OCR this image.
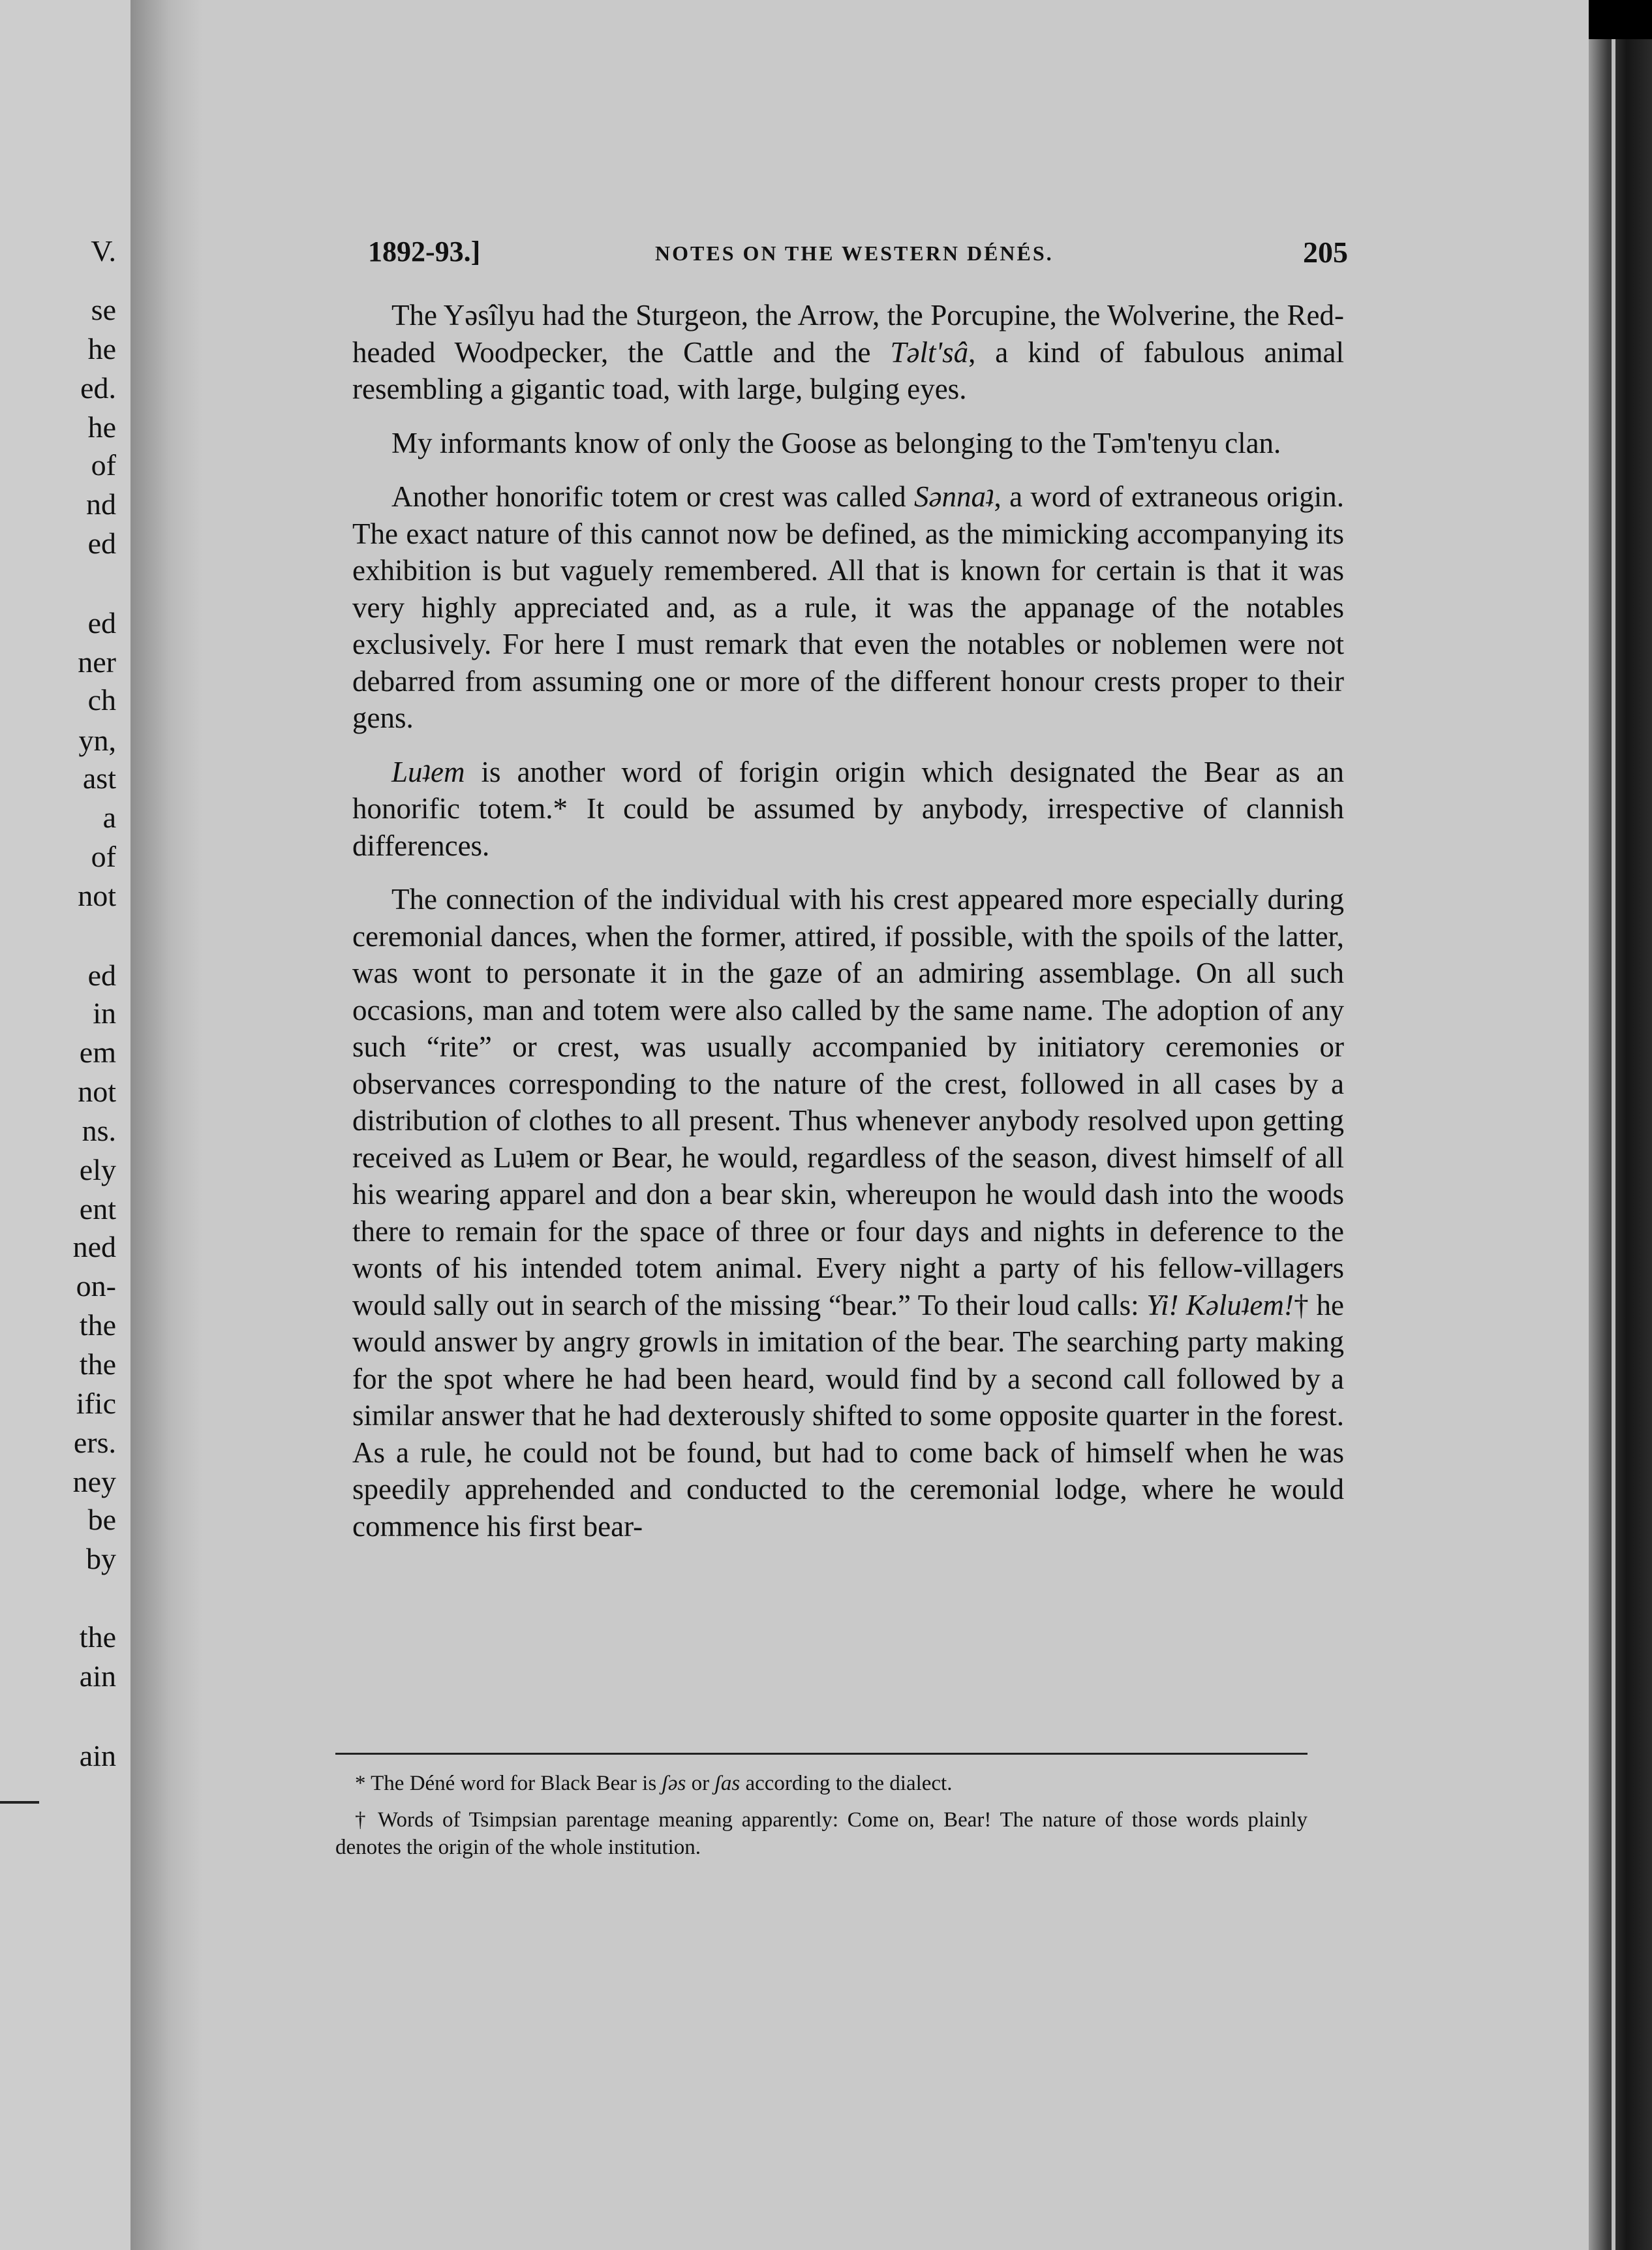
V.
se
he
ed.
he
of
nd
ed
ed
ner
ch
yn,
ast
a
of
not
ed
in
em
not
ns.
ely
ent
ned
on-
the
the
ific
ers.
ney
be
by
the
ain
ain
1892-93.]	NOTES ON THE WESTERN DÉNÉS.	205

The Yəsîlyu had the Sturgeon, the Arrow, the Porcupine, the Wolverine, the Red-headed Woodpecker, the Cattle and the Təlt'sâ, a kind of fabulous animal resembling a gigantic toad, with large, bulging eyes.

My informants know of only the Goose as belonging to the Təm'tenyu clan.

Another honorific totem or crest was called Sənnaʇ, a word of extraneous origin. The exact nature of this cannot now be defined, as the mimicking accompanying its exhibition is but vaguely remembered. All that is known for certain is that it was very highly appreciated and, as a rule, it was the appanage of the notables exclusively. For here I must remark that even the notables or noblemen were not debarred from assuming one or more of the different honour crests proper to their gens.

Luʇem is another word of forigin origin which designated the Bear as an honorific totem.* It could be assumed by anybody, irrespective of clannish differences.

The connection of the individual with his crest appeared more especially during ceremonial dances, when the former, attired, if possible, with the spoils of the latter, was wont to personate it in the gaze of an admiring assemblage. On all such occasions, man and totem were also called by the same name. The adoption of any such “rite” or crest, was usually accompanied by initiatory ceremonies or observances corresponding to the nature of the crest, followed in all cases by a distribution of clothes to all present. Thus whenever anybody resolved upon getting received as Luʇem or Bear, he would, regardless of the season, divest himself of all his wearing apparel and don a bear skin, whereupon he would dash into the woods there to remain for the space of three or four days and nights in deference to the wonts of his intended totem animal. Every night a party of his fellow-villagers would sally out in search of the missing “bear.” To their loud calls: Yi! Kəluʇem!† he would answer by angry growls in imitation of the bear. The searching party making for the spot where he had been heard, would find by a second call followed by a similar answer that he had dexterously shifted to some opposite quarter in the forest. As a rule, he could not be found, but had to come back of himself when he was speedily apprehended and conducted to the ceremonial lodge, where he would commence his first bear-

* The Déné word for Black Bear is ʃəs or ʃas according to the dialect.

† Words of Tsimpsian parentage meaning apparently: Come on, Bear! The nature of those words plainly denotes the origin of the whole institution.
